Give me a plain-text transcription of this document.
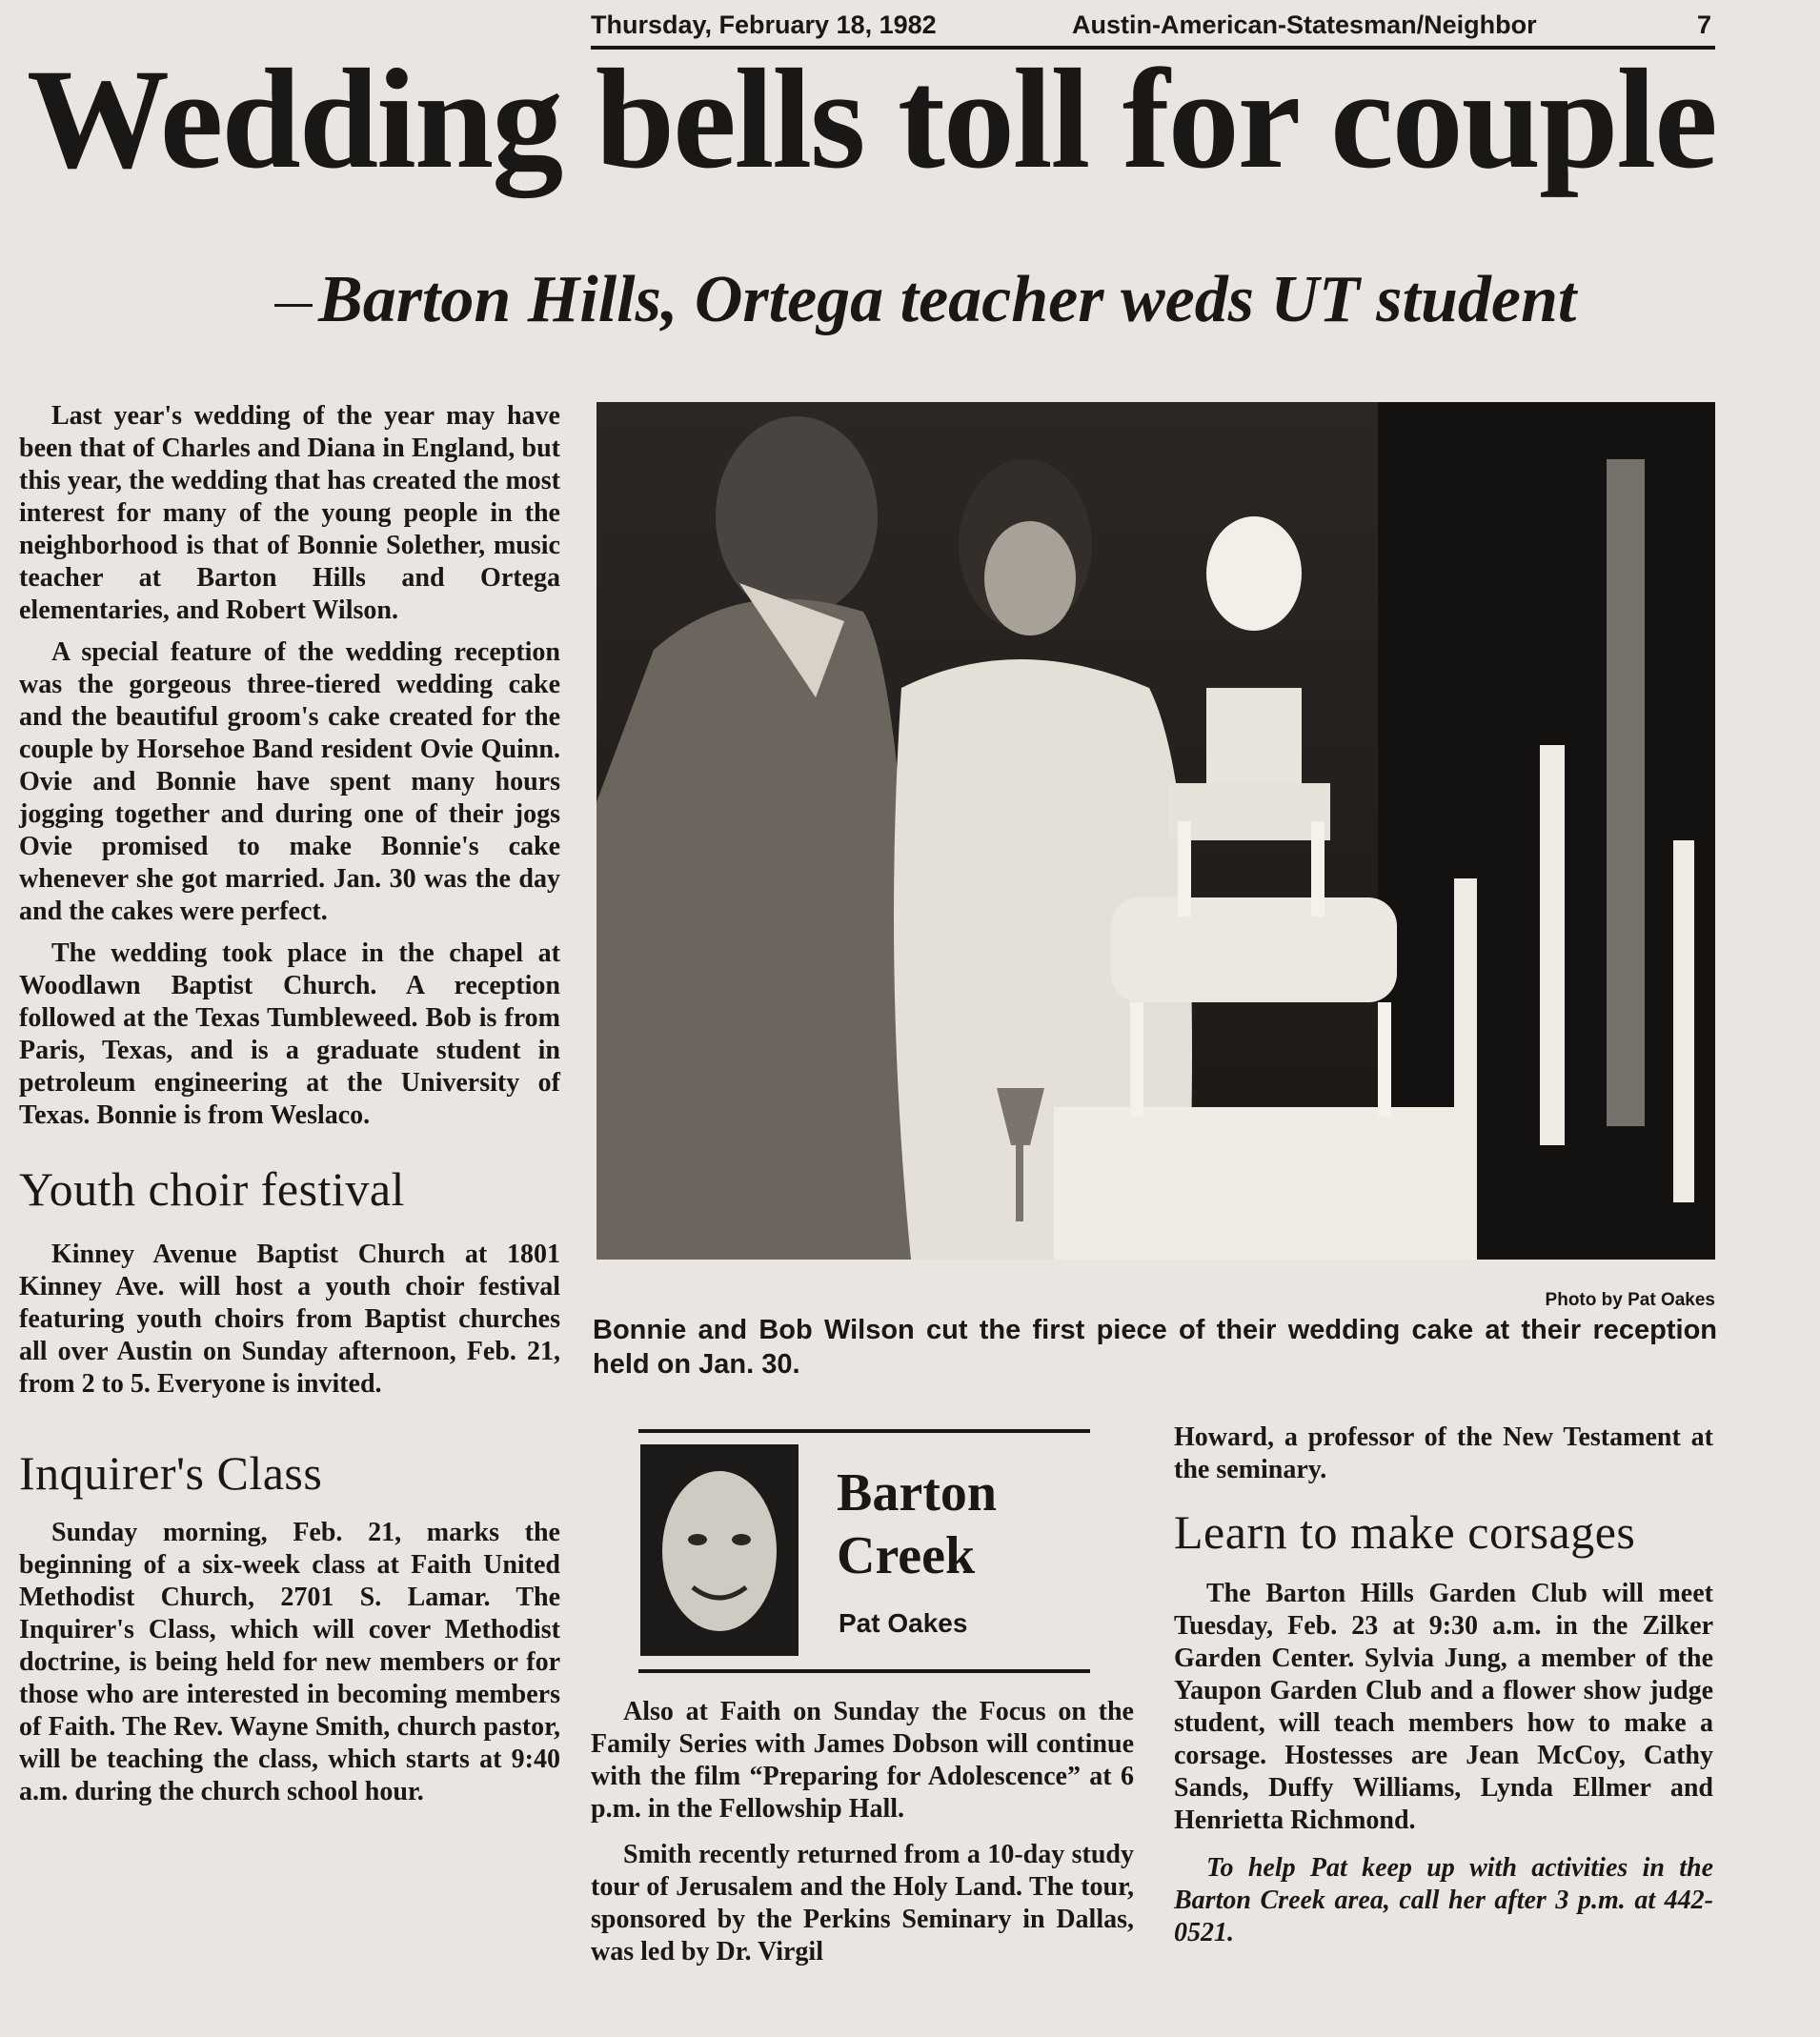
Thursday, February 18, 1982	Austin-American-Statesman/Neighbor	7
Wedding bells toll for couple
Barton Hills, Ortega teacher weds UT student

Last year's wedding of the year may have been that of Charles and Diana in England, but this year, the wedding that has created the most interest for many of the young people in the neighborhood is that of Bonnie Solether, music teacher at Barton Hills and Ortega elementaries, and Robert Wilson.

A special feature of the wedding reception was the gorgeous three-tiered wedding cake and the beautiful groom's cake created for the couple by Horsehoe Band resident Ovie Quinn. Ovie and Bonnie have spent many hours jogging together and during one of their jogs Ovie promised to make Bonnie's cake whenever she got married. Jan. 30 was the day and the cakes were perfect.

The wedding took place in the chapel at Woodlawn Baptist Church. A reception followed at the Texas Tumbleweed. Bob is from Paris, Texas, and is a graduate student in petroleum engineering at the University of Texas. Bonnie is from Weslaco.

Youth choir festival

Kinney Avenue Baptist Church at 1801 Kinney Ave. will host a youth choir festival featuring youth choirs from Baptist churches all over Austin on Sunday afternoon, Feb. 21, from 2 to 5. Everyone is invited.

Inquirer's Class

Sunday morning, Feb. 21, marks the beginning of a six-week class at Faith United Methodist Church, 2701 S. Lamar. The Inquirer's Class, which will cover Methodist doctrine, is being held for new members or for those who are interested in becoming members of Faith. The Rev. Wayne Smith, church pastor, will be teaching the class, which starts at 9:40 a.m. during the church school hour.

Photo by Pat Oakes
Bonnie and Bob Wilson cut the first piece of their wedding cake at their reception held on Jan. 30.
Barton
Creek
Pat Oakes

Also at Faith on Sunday the Focus on the Family Series with James Dobson will continue with the film “Preparing for Adolescence” at 6 p.m. in the Fellowship Hall.

Smith recently returned from a 10-day study tour of Jerusalem and the Holy Land. The tour, sponsored by the Perkins Seminary in Dallas, was led by Dr. Virgil

Howard, a professor of the New Testament at the seminary.

Learn to make corsages

The Barton Hills Garden Club will meet Tuesday, Feb. 23 at 9:30 a.m. in the Zilker Garden Center. Sylvia Jung, a member of the Yaupon Garden Club and a flower show judge student, will teach members how to make a corsage. Hostesses are Jean McCoy, Cathy Sands, Duffy Williams, Lynda Ellmer and Henrietta Richmond.

To help Pat keep up with activities in the Barton Creek area, call her after 3 p.m. at 442-0521.
